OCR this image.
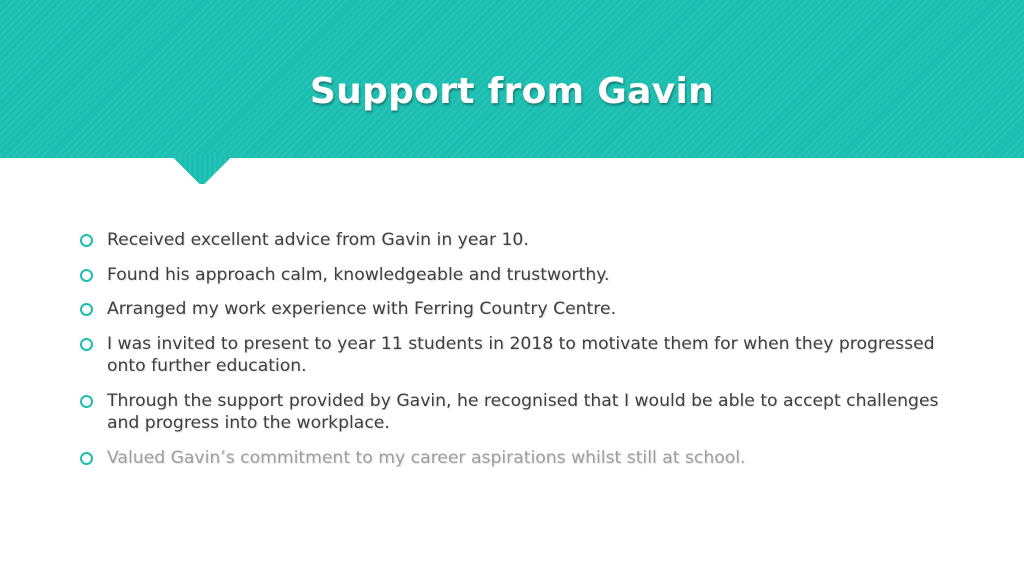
Support from Gavin
Received excellent advice from Gavin in year 10.
Found his approach calm, knowledgeable and trustworthy.
Arranged my work experience with Ferring Country Centre.
I was invited to present to year 11 students in 2018 to motivate them for when they progressed onto further education.
Through the support provided by Gavin, he recognised that I would be able to accept challenges and progress into the workplace.
Valued Gavin’s commitment to my career aspirations whilst still at school.
